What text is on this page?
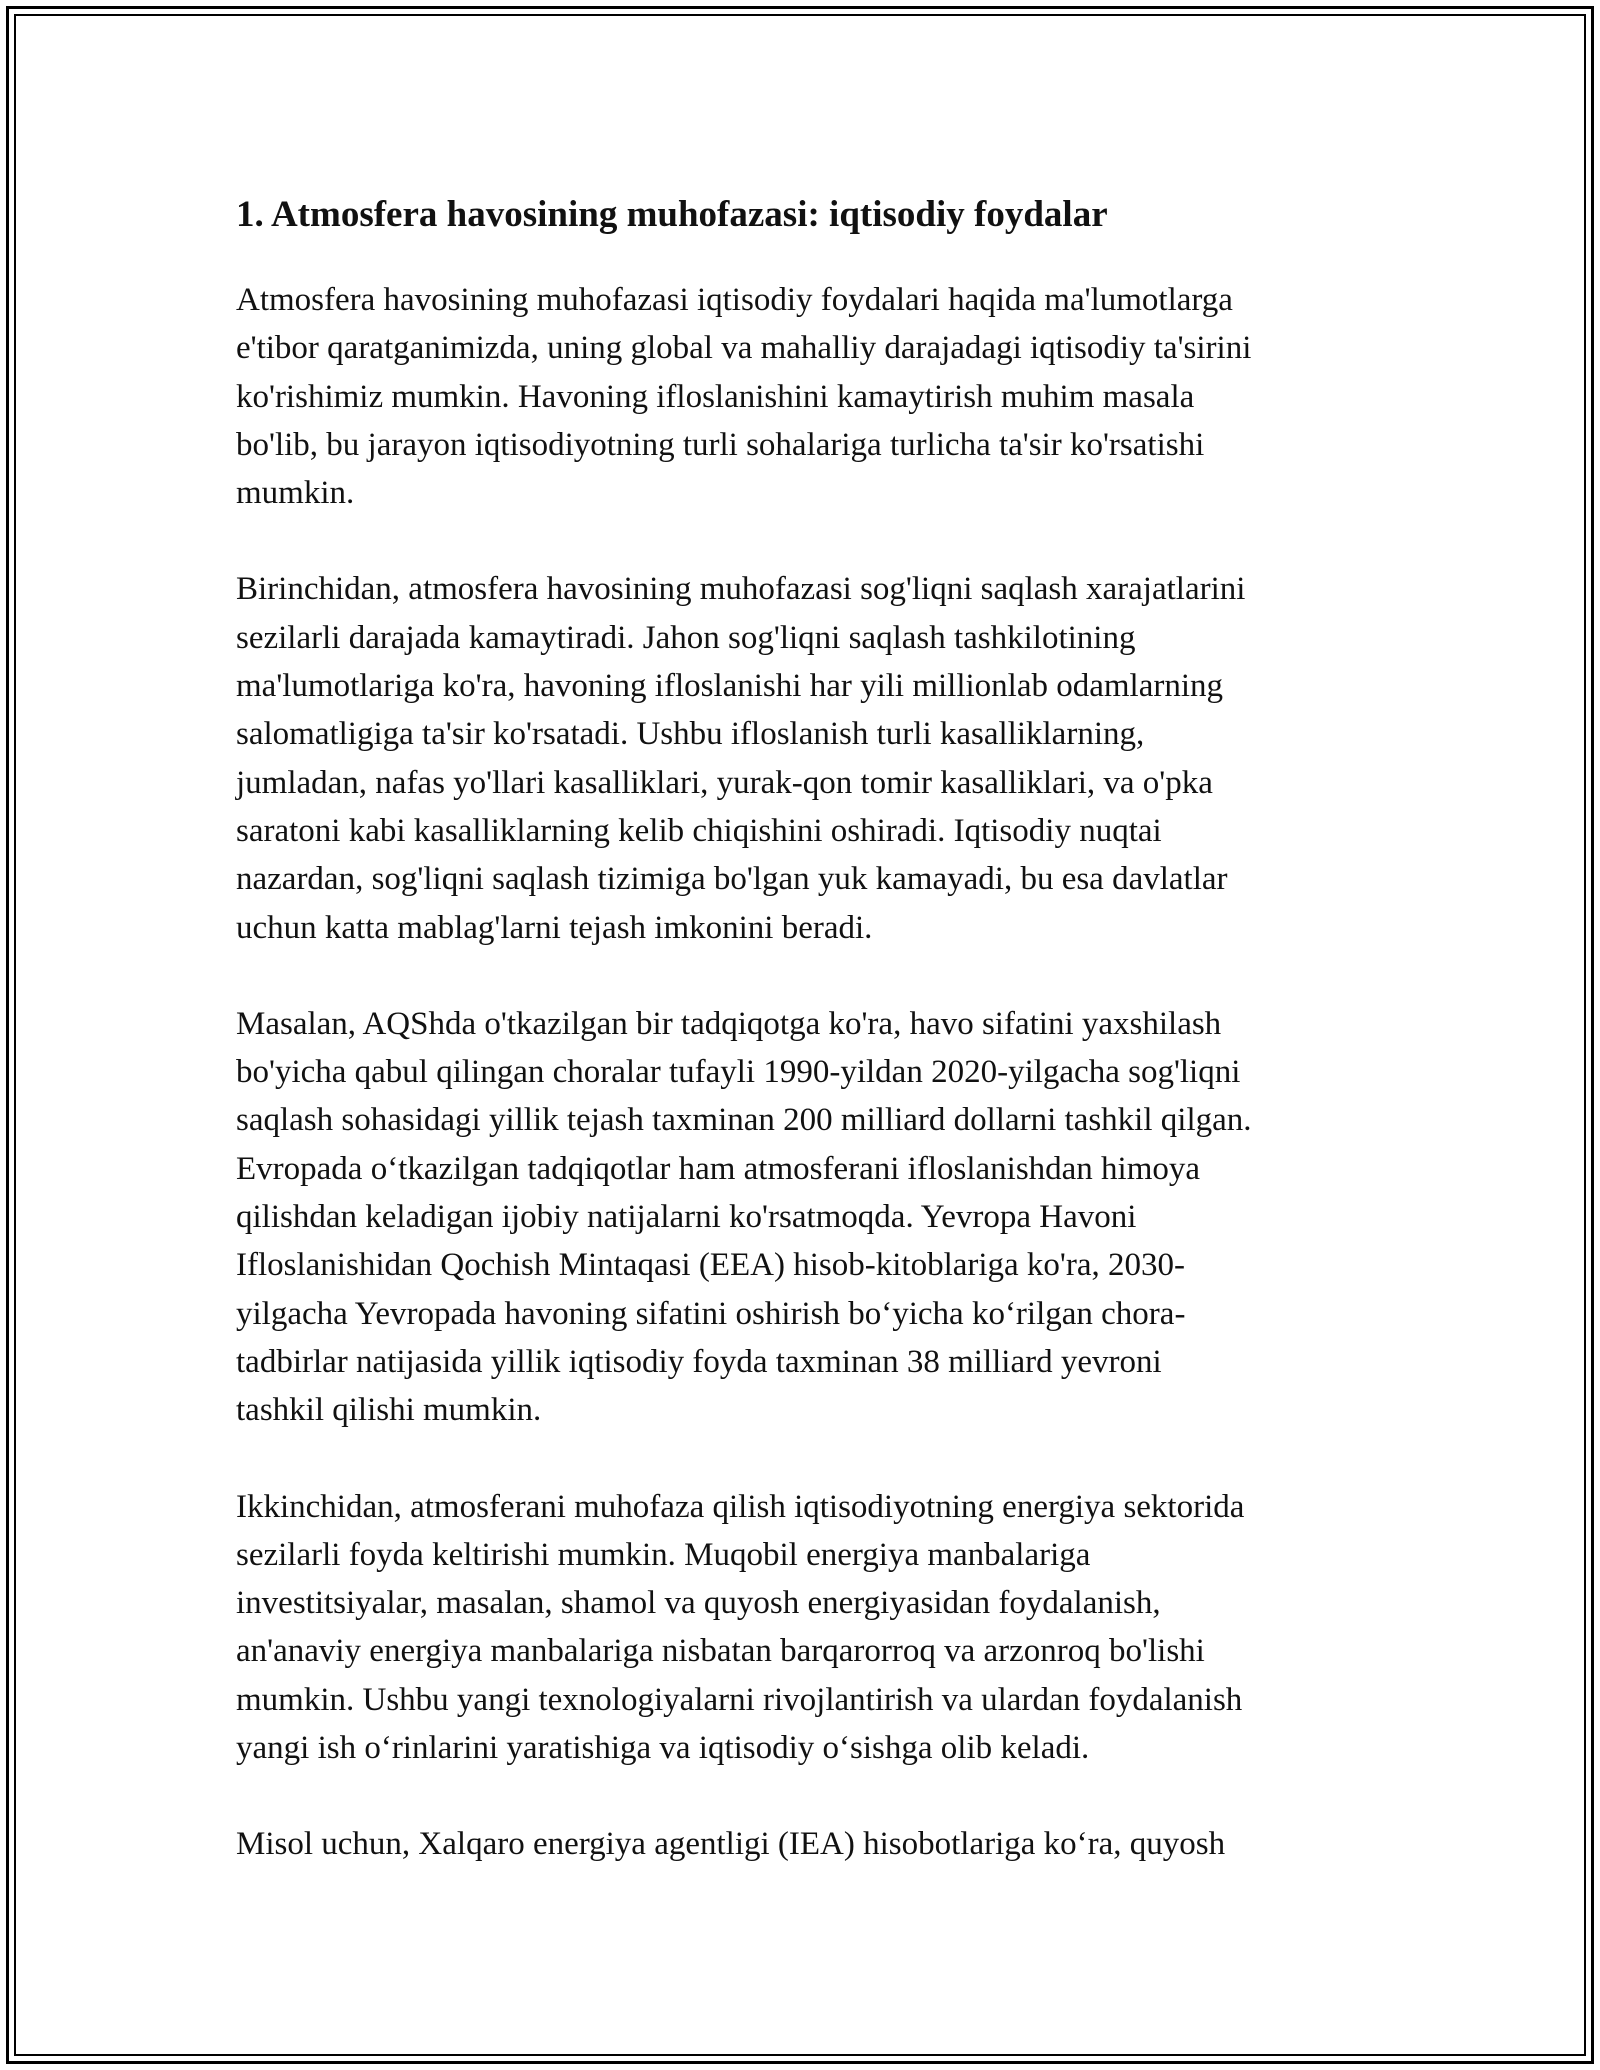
1. Atmosfera havosining muhofazasi: iqtisodiy foydalar

Atmosfera havosining muhofazasi iqtisodiy foydalari haqida ma'lumotlarga
e'tibor qaratganimizda, uning global va mahalliy darajadagi iqtisodiy ta'sirini
ko'rishimiz mumkin. Havoning ifloslanishini kamaytirish muhim masala
bo'lib, bu jarayon iqtisodiyotning turli sohalariga turlicha ta'sir ko'rsatishi
mumkin.

Birinchidan, atmosfera havosining muhofazasi sog'liqni saqlash xarajatlarini
sezilarli darajada kamaytiradi. Jahon sog'liqni saqlash tashkilotining
ma'lumotlariga ko'ra, havoning ifloslanishi har yili millionlab odamlarning
salomatligiga ta'sir ko'rsatadi. Ushbu ifloslanish turli kasalliklarning,
jumladan, nafas yo'llari kasalliklari, yurak-qon tomir kasalliklari, va o'pka
saratoni kabi kasalliklarning kelib chiqishini oshiradi. Iqtisodiy nuqtai
nazardan, sog'liqni saqlash tizimiga bo'lgan yuk kamayadi, bu esa davlatlar
uchun katta mablag'larni tejash imkonini beradi.

Masalan, AQShda o'tkazilgan bir tadqiqotga ko'ra, havo sifatini yaxshilash
bo'yicha qabul qilingan choralar tufayli 1990-yildan 2020-yilgacha sog'liqni
saqlash sohasidagi yillik tejash taxminan 200 milliard dollarni tashkil qilgan.
Evropada o‘tkazilgan tadqiqotlar ham atmosferani ifloslanishdan himoya
qilishdan keladigan ijobiy natijalarni ko'rsatmoqda. Yevropa Havoni
Ifloslanishidan Qochish Mintaqasi (EEA) hisob-kitoblariga ko'ra, 2030-
yilgacha Yevropada havoning sifatini oshirish bo‘yicha ko‘rilgan chora-
tadbirlar natijasida yillik iqtisodiy foyda taxminan 38 milliard yevroni
tashkil qilishi mumkin.

Ikkinchidan, atmosferani muhofaza qilish iqtisodiyotning energiya sektorida
sezilarli foyda keltirishi mumkin. Muqobil energiya manbalariga
investitsiyalar, masalan, shamol va quyosh energiyasidan foydalanish,
an'anaviy energiya manbalariga nisbatan barqarorroq va arzonroq bo'lishi
mumkin. Ushbu yangi texnologiyalarni rivojlantirish va ulardan foydalanish
yangi ish o‘rinlarini yaratishiga va iqtisodiy o‘sishga olib keladi.

Misol uchun, Xalqaro energiya agentligi (IEA) hisobotlariga ko‘ra, quyosh
